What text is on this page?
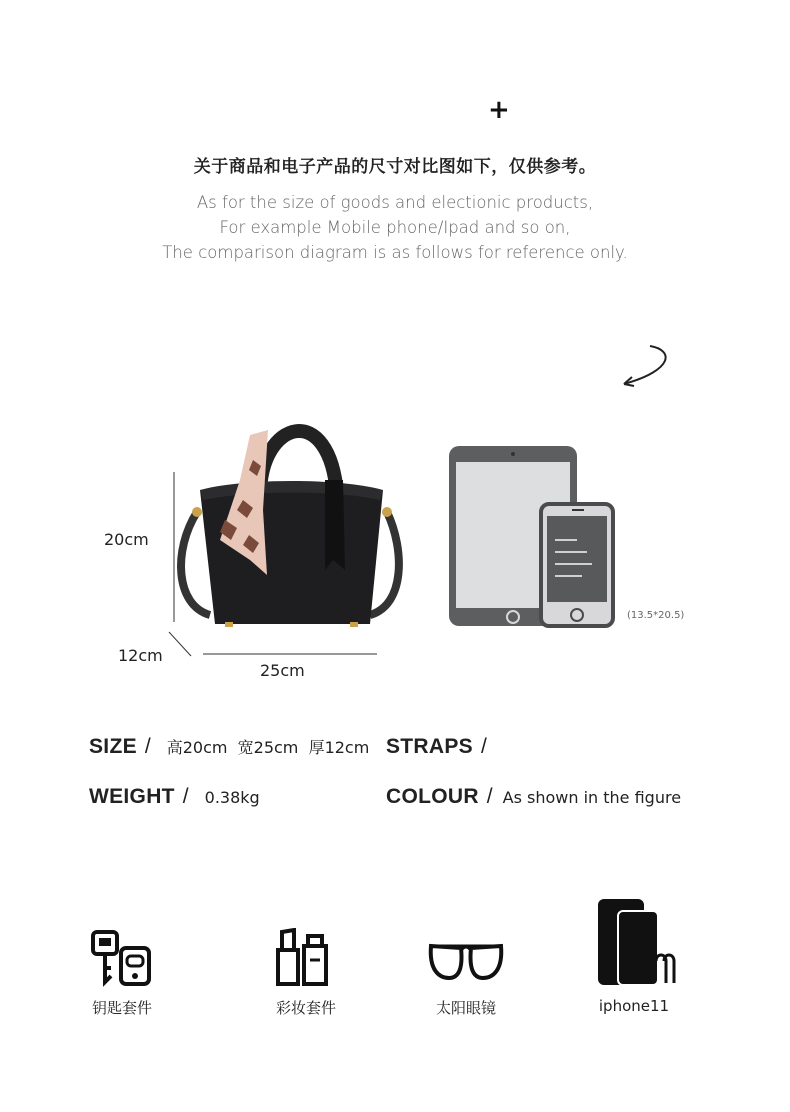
+
关于商品和电子产品的尺寸对比图如下，仅供参考。
As for the size of goods and electionic products,
For example Mobile phone/Ipad and so on,
The comparison diagram is as follows for reference only.
20cm
12cm
25cm
(13.5*20.5)
SIZE / 高20cm  宽25cm  厚12cm STRAPS /
WEIGHT / 0.38kg	COLOUR / As shown in the figure
钥匙套件	彩妆套件	太阳眼镜	iphone11
